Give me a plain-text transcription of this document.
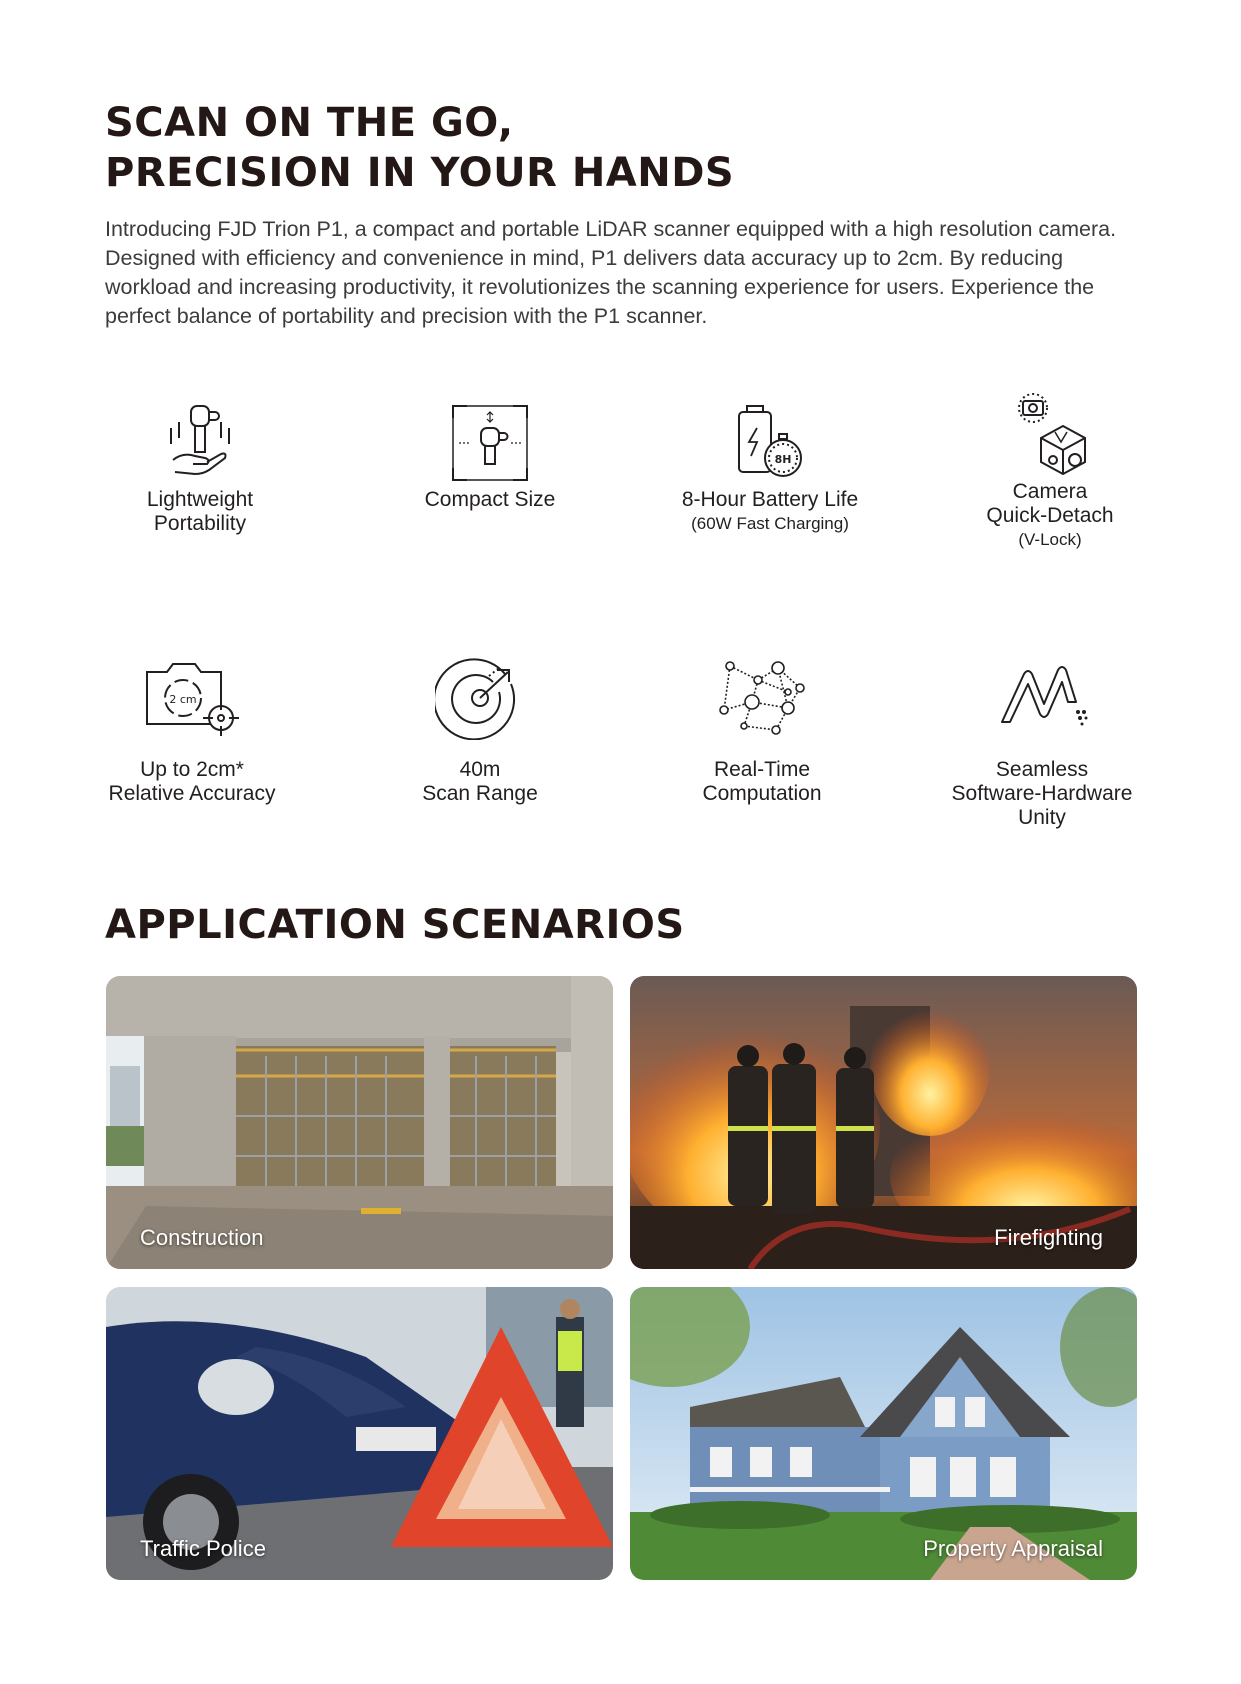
SCAN ON THE GO,
PRECISION IN YOUR HANDS

Introducing FJD Trion P1, a compact and portable LiDAR scanner equipped with a high resolution camera. Designed with efficiency and convenience in mind, P1 delivers data accuracy up to 2cm. By reducing workload and increasing productivity, it revolutionizes the scanning experience for users. Experience the perfect balance of portability and precision with the P1 scanner.

Lightweight
Portability
Compact Size
8H
8-Hour Battery Life
(60W Fast Charging)
Camera
Quick-Detach
(V-Lock)
2 cm
Up to 2cm*
Relative Accuracy
40m
Scan Range
Real-Time
Computation
Seamless
Software-Hardware
Unity
APPLICATION SCENARIOS
Construction	Firefighting
Traffic Police	Property Appraisal
